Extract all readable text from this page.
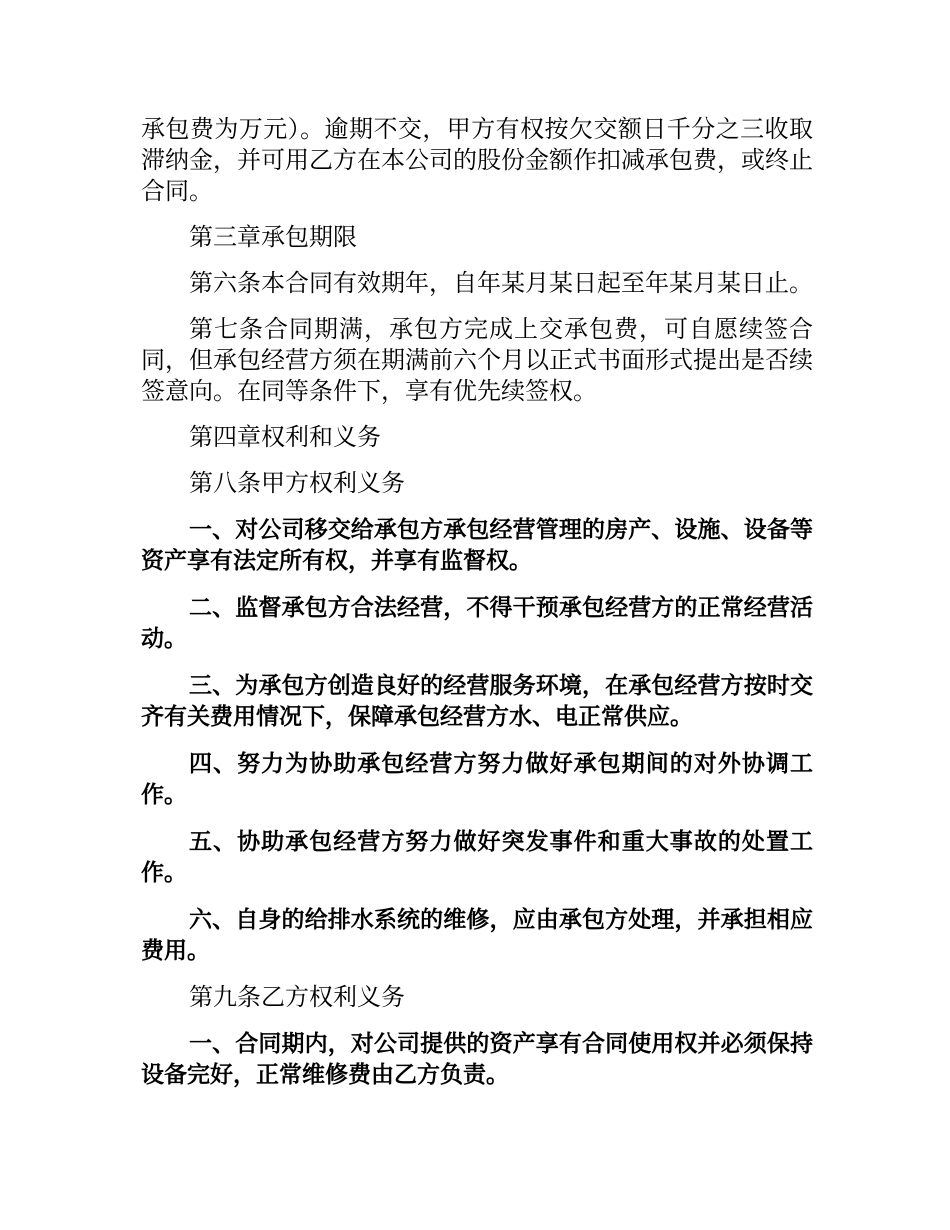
承包费为万元）。逾期不交，甲方有权按欠交额日千分之三收取滞纳金，并可用乙方在本公司的股份金额作扣减承包费，或终止合同。

第三章承包期限

第六条本合同有效期年，自年某月某日起至年某月某日止。

第七条合同期满，承包方完成上交承包费，可自愿续签合同，但承包经营方须在期满前六个月以正式书面形式提出是否续签意向。在同等条件下，享有优先续签权。

第四章权利和义务

第八条甲方权利义务

一、对公司移交给承包方承包经营管理的房产、设施、设备等资产享有法定所有权，并享有监督权。

二、监督承包方合法经营，不得干预承包经营方的正常经营活动。

三、为承包方创造良好的经营服务环境，在承包经营方按时交齐有关费用情况下，保障承包经营方水、电正常供应。

四、努力为协助承包经营方努力做好承包期间的对外协调工作。

五、协助承包经营方努力做好突发事件和重大事故的处置工作。

六、自身的给排水系统的维修，应由承包方处理，并承担相应费用。

第九条乙方权利义务

一、合同期内，对公司提供的资产享有合同使用权并必须保持设备完好，正常维修费由乙方负责。
